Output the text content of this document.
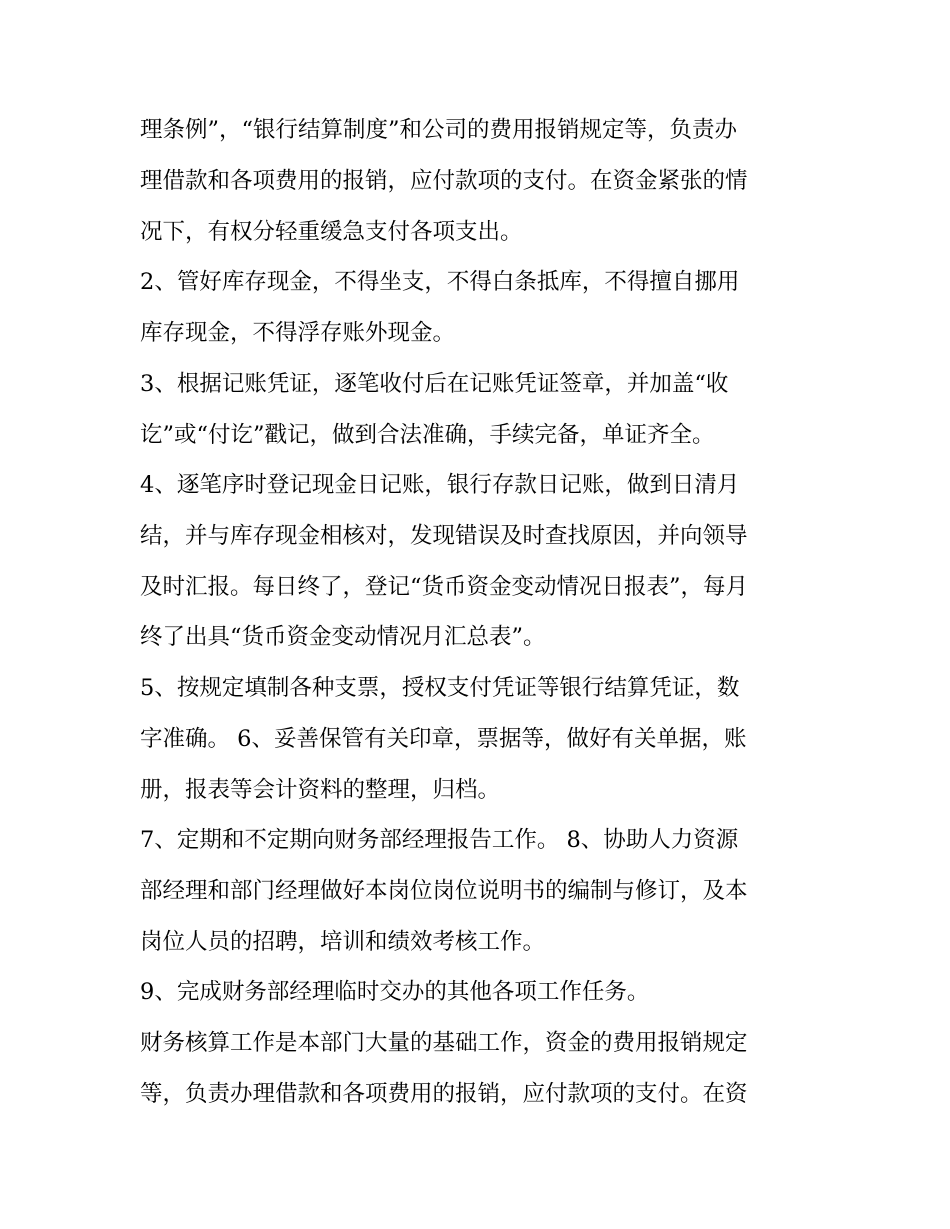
理条例”，“银行结算制度”和公司的费用报销规定等，负责办
理借款和各项费用的报销，应付款项的支付。在资金紧张的情
况下，有权分轻重缓急支付各项支出。
2、管好库存现金，不得坐支，不得白条抵库，不得擅自挪用
库存现金，不得浮存账外现金。
3、根据记账凭证，逐笔收付后在记账凭证签章，并加盖“收
讫”或“付讫”戳记，做到合法准确，手续完备，单证齐全。
4、逐笔序时登记现金日记账，银行存款日记账，做到日清月
结，并与库存现金相核对，发现错误及时查找原因，并向领导
及时汇报。每日终了，登记“货币资金变动情况日报表”，每月
终了出具“货币资金变动情况月汇总表”。
5、按规定填制各种支票，授权支付凭证等银行结算凭证，数
字准确。 6、妥善保管有关印章，票据等，做好有关单据，账
册，报表等会计资料的整理，归档。
7、定期和不定期向财务部经理报告工作。 8、协助人力资源
部经理和部门经理做好本岗位岗位说明书的编制与修订，及本
岗位人员的招聘，培训和绩效考核工作。
9、完成财务部经理临时交办的其他各项工作任务。
财务核算工作是本部门大量的基础工作，资金的费用报销规定
等，负责办理借款和各项费用的报销，应付款项的支付。在资
